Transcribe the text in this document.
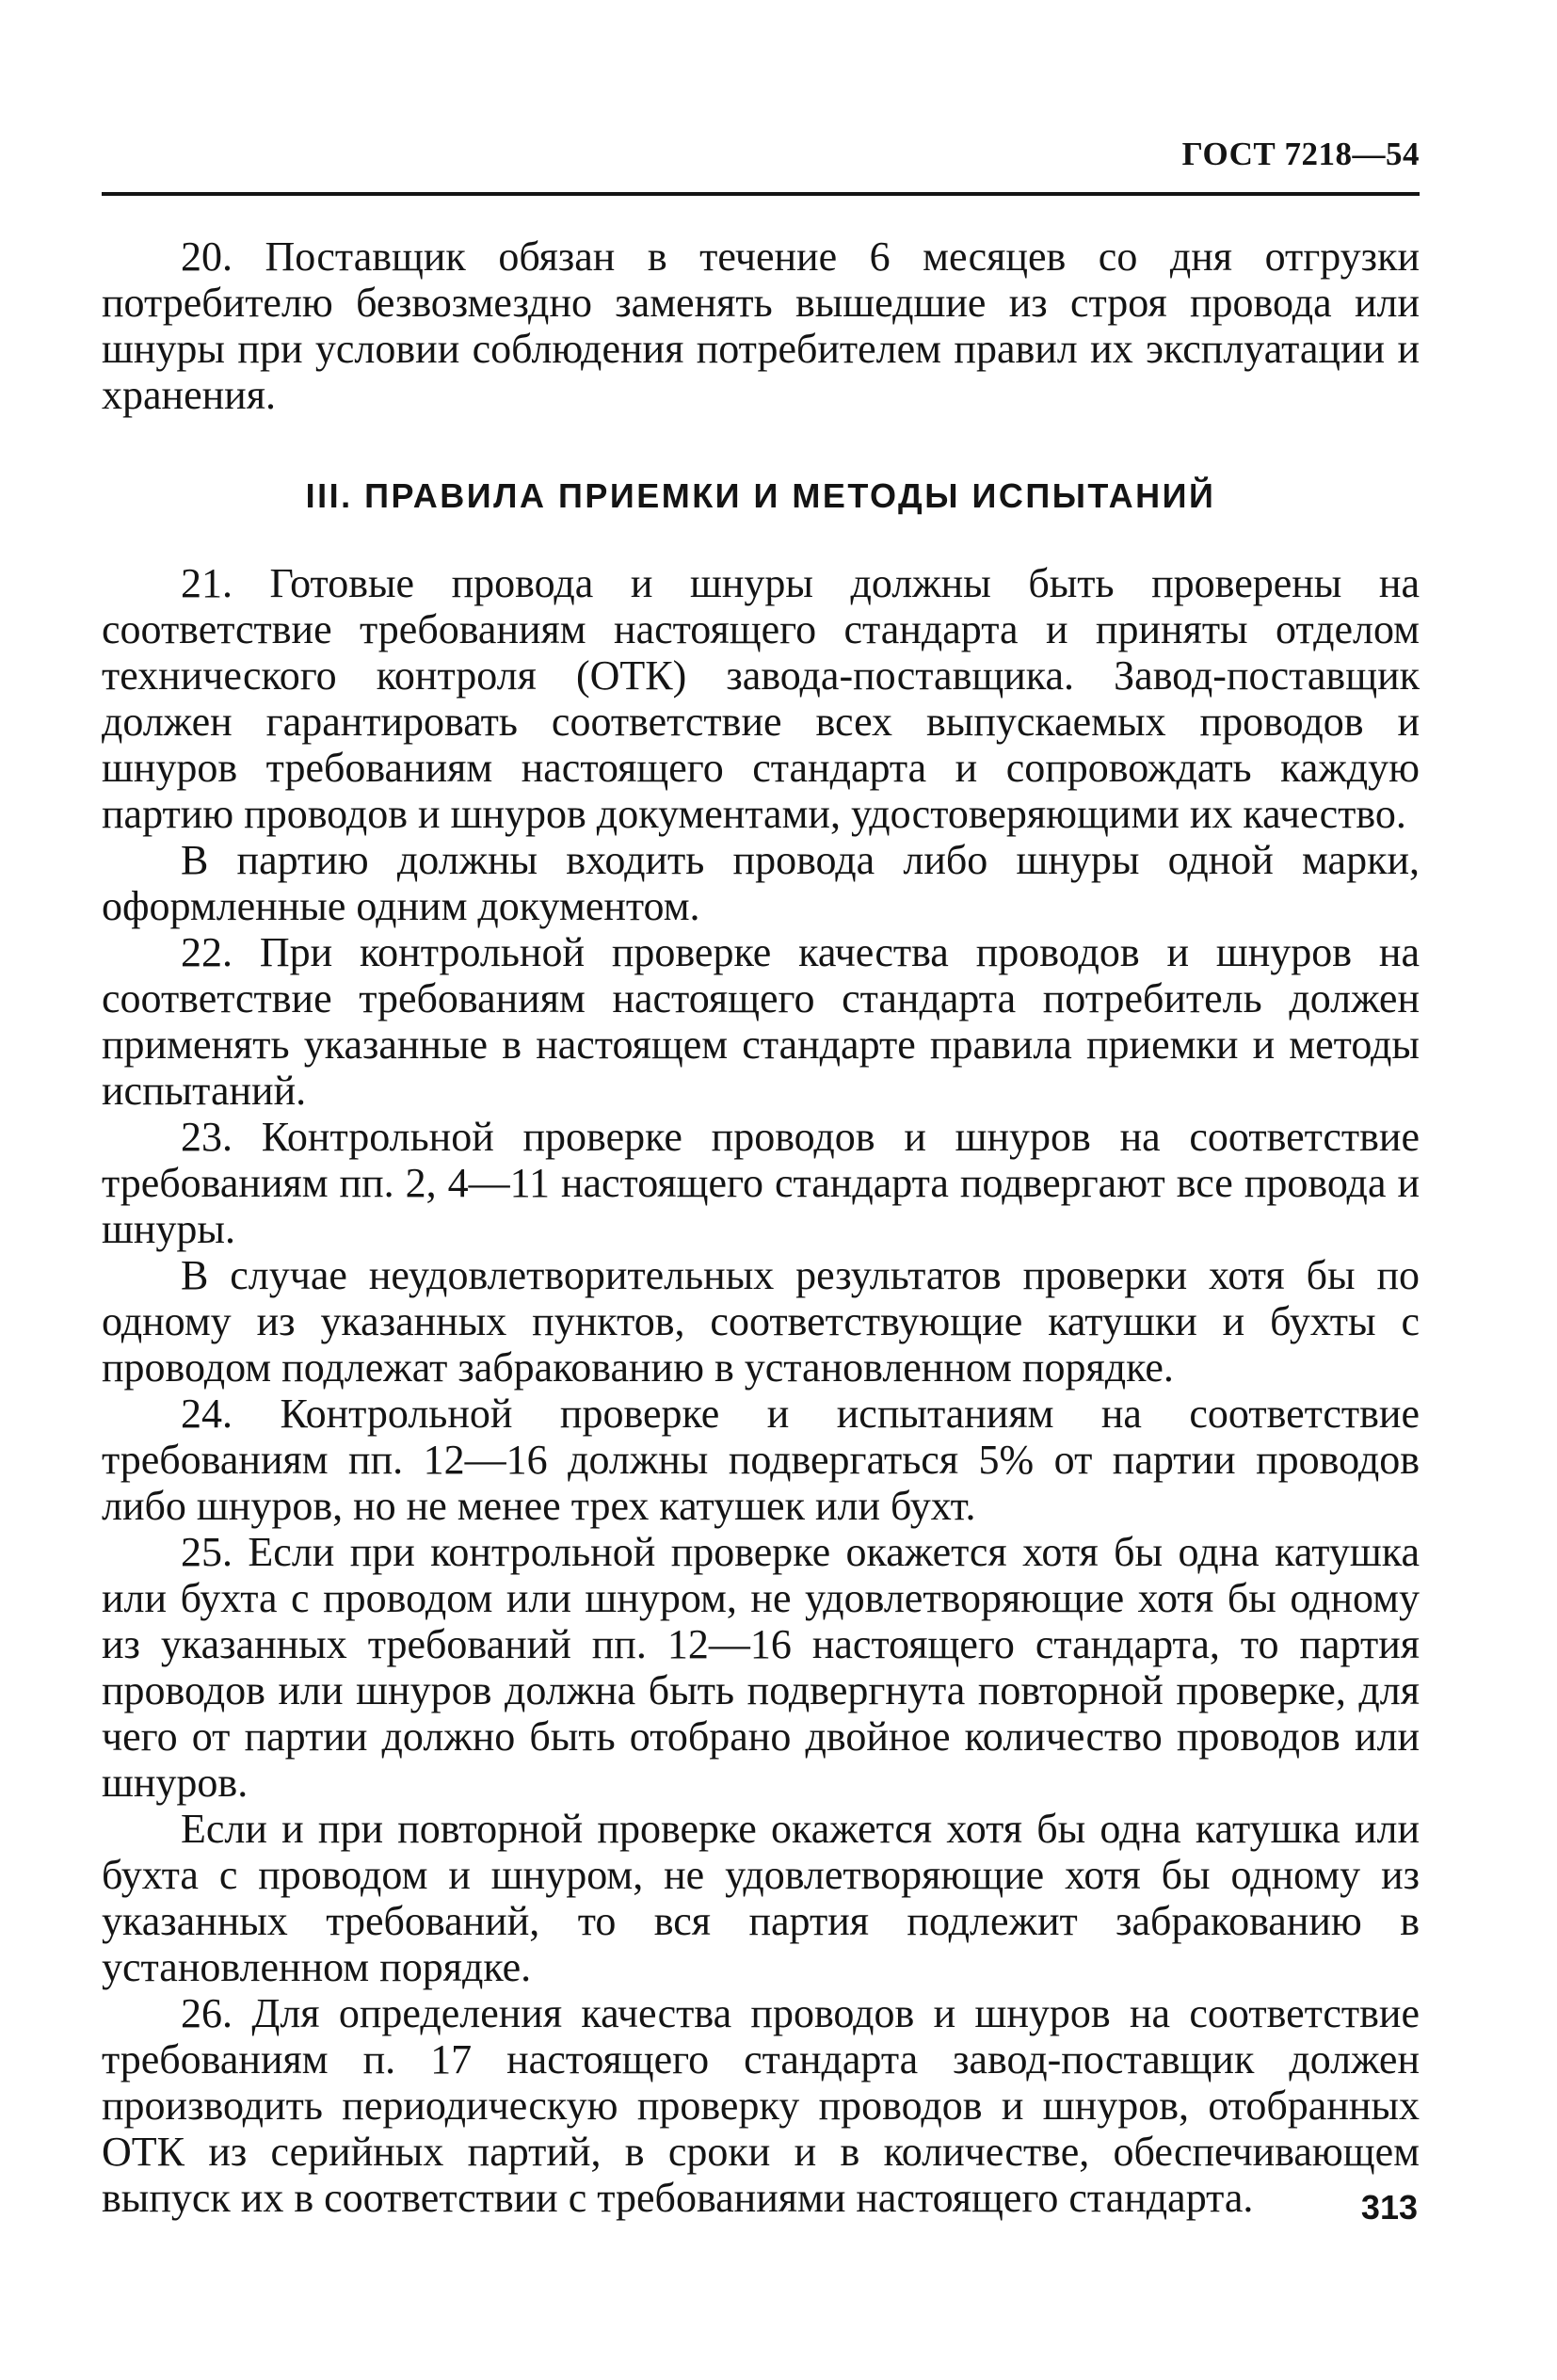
ГОСТ 7218—54

20. Поставщик обязан в течение 6 месяцев со дня отгрузки потребителю безвозмездно заменять вышедшие из строя провода или шнуры при условии соблюдения потребителем правил их эксплуатации и хранения.

III. ПРАВИЛА ПРИЕМКИ И МЕТОДЫ ИСПЫТАНИЙ

21. Готовые провода и шнуры должны быть проверены на соответствие требованиям настоящего стандарта и приняты отделом технического контроля (ОТК) завода-поставщика. Завод-поставщик должен гарантировать соответствие всех выпускаемых проводов и шнуров требованиям настоящего стандарта и сопровождать каждую партию проводов и шнуров документами, удостоверяющими их качество.

В партию должны входить провода либо шнуры одной марки, оформленные одним документом.

22. При контрольной проверке качества проводов и шнуров на соответствие требованиям настоящего стандарта потребитель должен применять указанные в настоящем стандарте правила приемки и методы испытаний.

23. Контрольной проверке проводов и шнуров на соответствие требованиям пп. 2, 4—11 настоящего стандарта подвергают все провода и шнуры.

В случае неудовлетворительных результатов проверки хотя бы по одному из указанных пунктов, соответствующие катушки и бухты с проводом подлежат забракованию в установленном порядке.

24. Контрольной проверке и испытаниям на соответствие требованиям пп. 12—16 должны подвергаться 5% от партии проводов либо шнуров, но не менее трех катушек или бухт.

25. Если при контрольной проверке окажется хотя бы одна катушка или бухта с проводом или шнуром, не удовлетворяющие хотя бы одному из указанных требований пп. 12—16 настоящего стандарта, то партия проводов или шнуров должна быть подвергнута повторной проверке, для чего от партии должно быть отобрано двойное количество проводов или шнуров.

Если и при повторной проверке окажется хотя бы одна катушка или бухта с проводом и шнуром, не удовлетворяющие хотя бы одному из указанных требований, то вся партия подлежит забракованию в установленном порядке.

26. Для определения качества проводов и шнуров на соответствие требованиям п. 17 настоящего стандарта завод-поставщик должен производить периодическую проверку проводов и шнуров, отобранных ОТК из серийных партий, в сроки и в количестве, обеспечивающем выпуск их в соответствии с требованиями настоящего стандарта.	313
